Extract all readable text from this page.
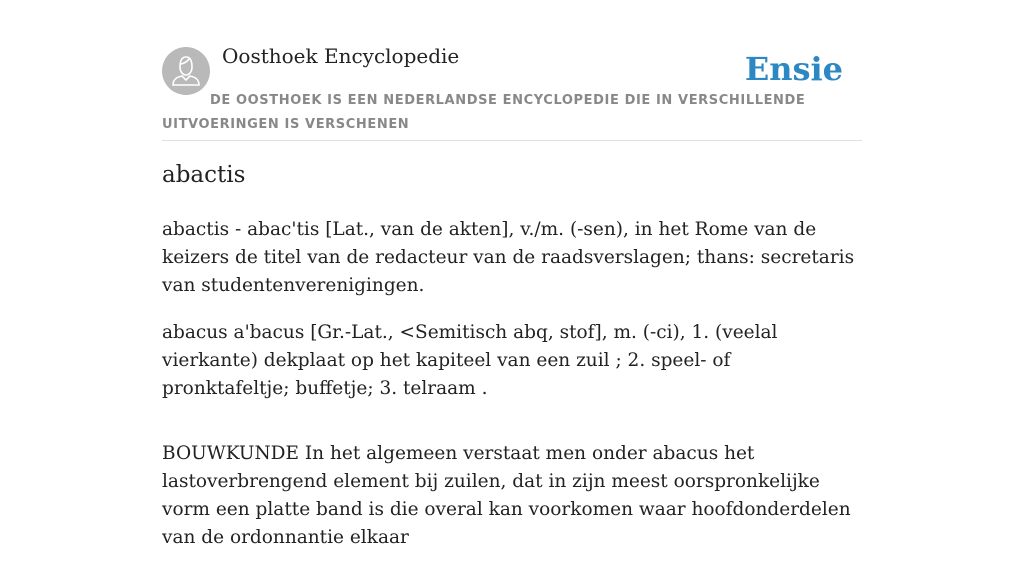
Oosthoek Encyclopedie	Ensie
DE OOSTHOEK IS EEN NEDERLANDSE ENCYCLOPEDIE DIE IN VERSCHILLENDE UITVOERINGEN IS VERSCHENEN
abactis

abactis - abac'tis [Lat., van de akten], v./m. (-sen), in het Rome van de keizers de titel van de redacteur van de raadsverslagen; thans: secretaris van studentenverenigingen.

abacus a'bacus [Gr.-Lat., <Semitisch abq, stof], m. (-ci), 1. (veelal vierkante) dekplaat op het kapiteel van een zuil ; 2. speel- of pronktafeltje; buffetje; 3. telraam .

BOUWKUNDE In het algemeen verstaat men onder abacus het lastoverbrengend element bij zuilen, dat in zijn meest oorspronkelijke vorm een platte band is die overal kan voorkomen waar hoofdonderdelen van de ordonnantie elkaar
